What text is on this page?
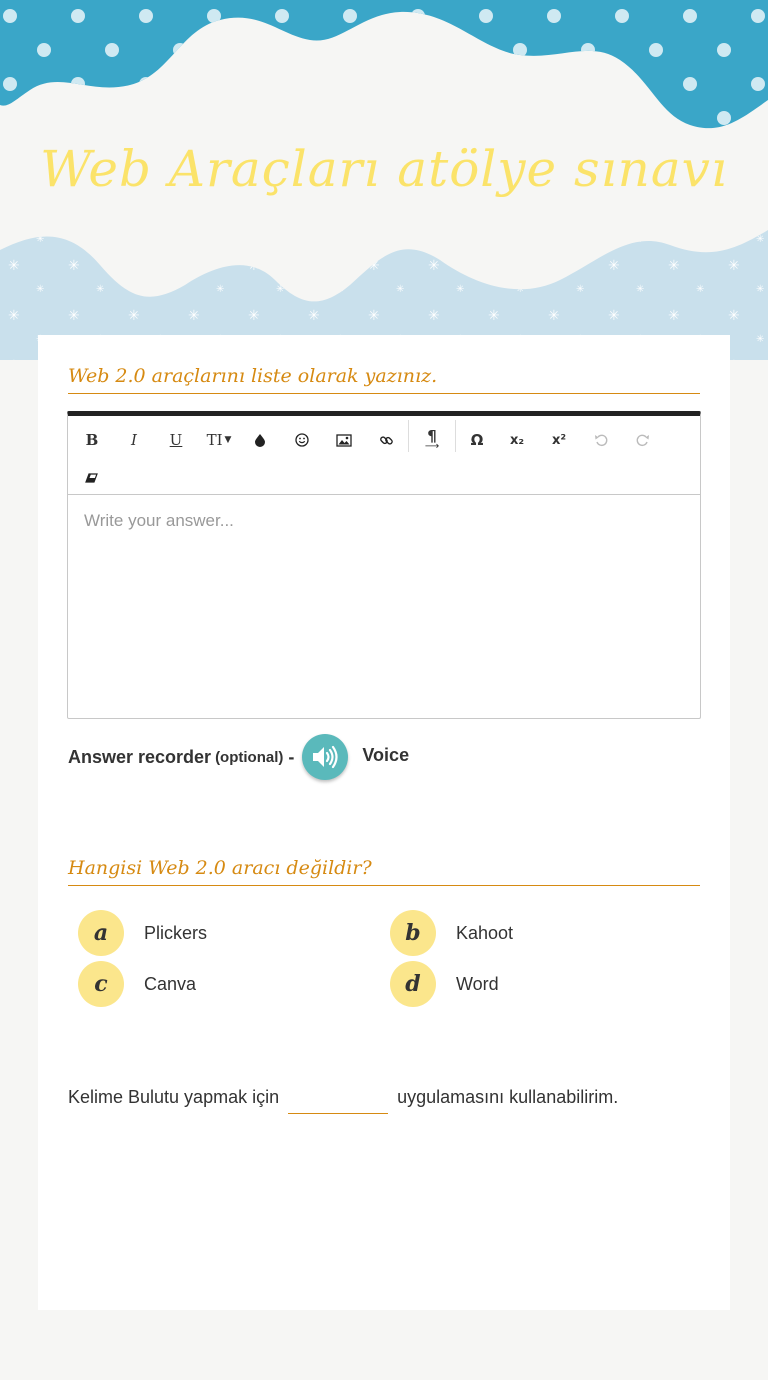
Web Araçları atölye sınavı
Web 2.0 araçlarını liste olarak yazınız.
B	I	U	TI ▼	¶
⟶	Ω	x₂	x²
Write your answer...
Answer recorder (optional) -	Voice
Hangisi Web 2.0 aracı değildir?
a	Plickers	b	Kahoot
c	Canva	d	Word
Kelime Bulutu yapmak için	uygulamasını kullanabilirim.
